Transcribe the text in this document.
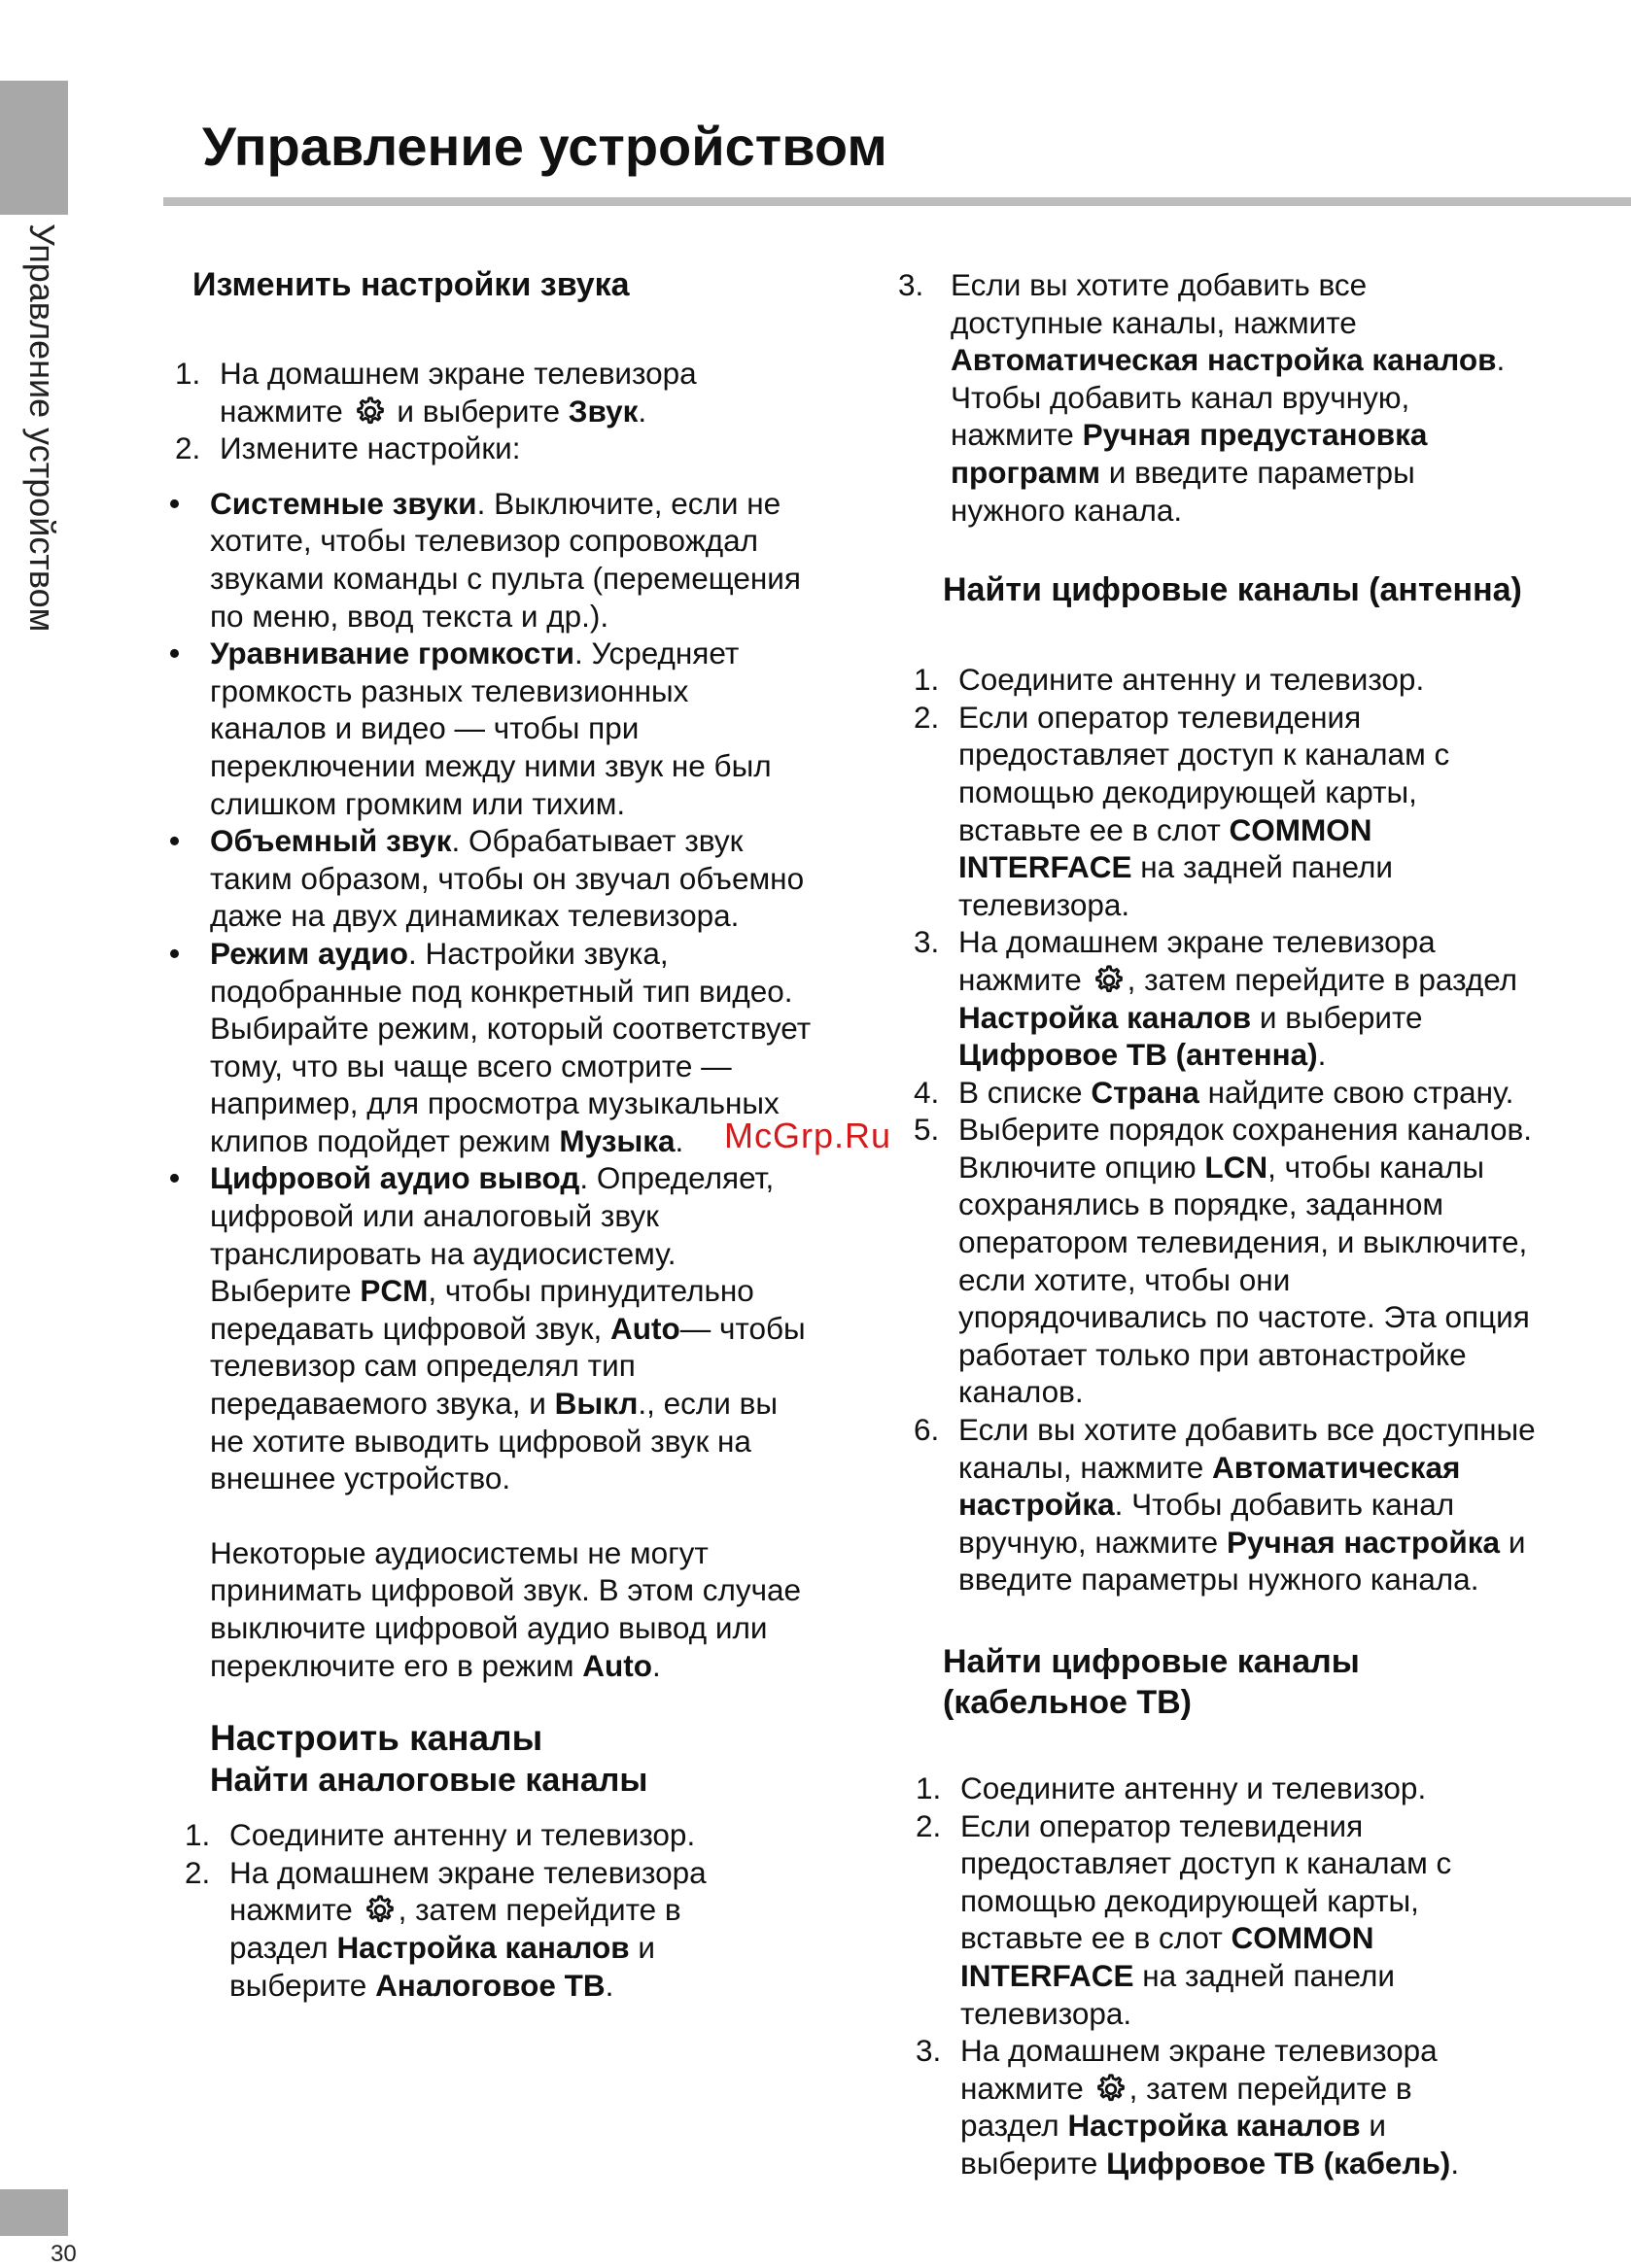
Управление устройством
30
Управление устройством
Изменить настройки звука
1. На домашнем экране телевизора

нажмите и выберите Звук.

2. Измените настройки:

• Системные звуки. Выключите, если не

хотите, чтобы телевизор сопровождал

звуками команды с пульта (перемещения

по меню, ввод текста и др.).

• Уравнивание громкости. Усредняет

громкость разных телевизионных

каналов и видео — чтобы при

переключении между ними звук не был

слишком громким или тихим.

• Объемный звук. Обрабатывает звук

таким образом, чтобы он звучал объемно

даже на двух динамиках телевизора.

• Режим аудио. Настройки звука,

подобранные под конкретный тип видео.

Выбирайте режим, который соответствует

тому, что вы чаще всего смотрите —

например, для просмотра музыкальных

клипов подойдет режим Музыка.

• Цифровой аудио вывод. Определяет,

цифровой или аналоговый звук

транслировать на аудиосистему.

Выберите PCM, чтобы принудительно

передавать цифровой звук, Auto— чтобы

телевизор сам определял тип

передаваемого звука, и Выкл., если вы

не хотите выводить цифровой звук на

внешнее устройство.

Некоторые аудиосистемы не могут

принимать цифровой звук. В этом случае

выключите цифровой аудио вывод или

переключите его в режим Auto.

Настроить каналы
Найти аналоговые каналы
1. Соедините антенну и телевизор.

2. На домашнем экране телевизора

нажмите , затем перейдите в

раздел Настройка каналов и

выберите Аналоговое ТВ.

3. Если вы хотите добавить все

доступные каналы, нажмите

Автоматическая настройка каналов.

Чтобы добавить канал вручную,

нажмите Ручная предустановка

программ и введите параметры

нужного канала.

Найти цифровые каналы (антенна)
1. Соедините антенну и телевизор.

2. Если оператор телевидения

предоставляет доступ к каналам с

помощью декодирующей карты,

вставьте ее в слот COMMON

INTERFACE на задней панели

телевизора.

3. На домашнем экране телевизора

нажмите , затем перейдите в раздел

Настройка каналов и выберите

Цифровое ТВ (антенна).

4. В списке Страна найдите свою страну.

5. Выберите порядок сохранения каналов.

Включите опцию LCN, чтобы каналы

сохранялись в порядке, заданном

оператором телевидения, и выключите,

если хотите, чтобы они

упорядочивались по частоте. Эта опция

работает только при автонастройке

каналов.

6. Если вы хотите добавить все доступные

каналы, нажмите Автоматическая

настройка. Чтобы добавить канал

вручную, нажмите Ручная настройка и

введите параметры нужного канала.

Найти цифровые каналы
(кабельное ТВ)
1. Соедините антенну и телевизор.

2. Если оператор телевидения

предоставляет доступ к каналам с

помощью декодирующей карты,

вставьте ее в слот COMMON

INTERFACE на задней панели

телевизора.

3. На домашнем экране телевизора

нажмите , затем перейдите в

раздел Настройка каналов и

выберите Цифровое ТВ (кабель).

McGrp.Ru
